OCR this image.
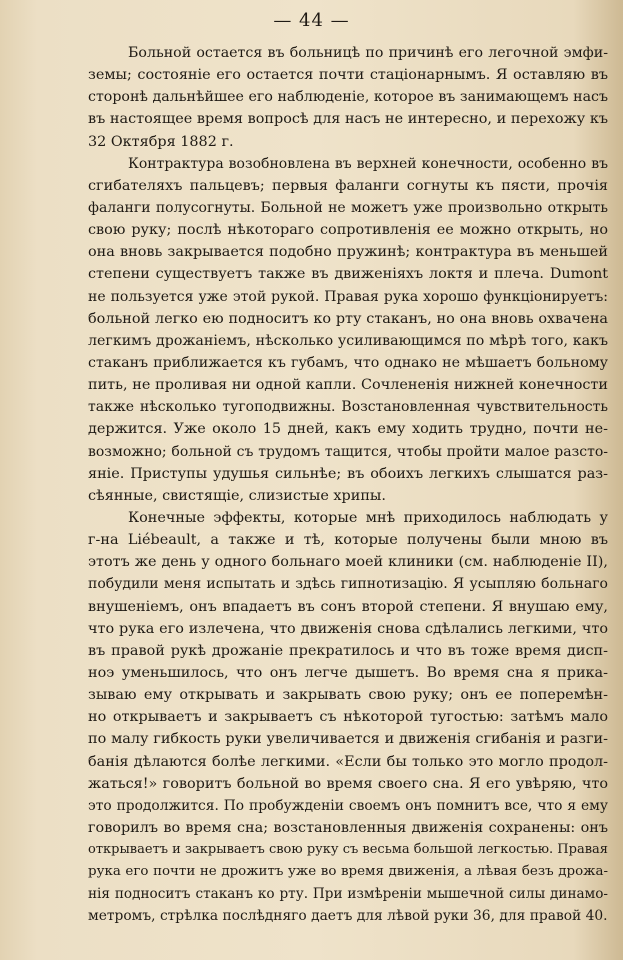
— 44 —
Больной остается въ больницѣ по причинѣ его легочной эмфи-
земы; состояніе его остается почти стаціонарнымъ. Я оставляю въ
сторонѣ дальнѣйшее его наблюденіе, которое въ занимающемъ насъ
въ настоящее время вопросѣ для насъ не интересно, и перехожу къ
32 Октября 1882 г.
Контрактура возобновлена въ верхней конечности, особенно въ
сгибателяхъ пальцевъ; первыя фаланги согнуты къ пясти, прочія
фаланги полусогнуты. Больной не можетъ уже произвольно открыть
свою руку; послѣ нѣкотораго сопротивленія ее можно открыть, но
она вновь закрывается подобно пружинѣ; контрактура въ меньшей
степени существуетъ также въ движеніяхъ локтя и плеча. Dumont
не пользуется уже этой рукой. Правая рука хорошо функціонируетъ:
больной легко ею подноситъ ко рту стаканъ, но она вновь охвачена
легкимъ дрожаніемъ, нѣсколько усиливающимся по мѣрѣ того, какъ
стаканъ приближается къ губамъ, что однако не мѣшаетъ больному
пить, не проливая ни одной капли. Сочлененія нижней конечности
также нѣсколько тугоподвижны. Возстановленная чувствительность
держится. Уже около 15 дней, какъ ему ходить трудно, почти не-
возможно; больной съ трудомъ тащится, чтобы пройти малое разсто-
яніе. Приступы удушья сильнѣе; въ обоихъ легкихъ слышатся раз-
сѣянные, свистящіе, слизистые хрипы.
Конечные эффекты, которые мнѣ приходилось наблюдать у
г-на Liébeault, а также и тѣ, которые получены были мною въ
этотъ же день у одного больнаго моей клиники (см. наблюденіе II),
побудили меня испытать и здѣсь гипнотизацію. Я усыпляю больнаго
внушеніемъ, онъ впадаетъ въ сонъ второй степени. Я внушаю ему,
что рука его излечена, что движенія снова сдѣлались легкими, что
въ правой рукѣ дрожаніе прекратилось и что въ тоже время дисп-
ноэ уменьшилось, что онъ легче дышетъ. Во время сна я прика-
зываю ему открывать и закрывать свою руку; онъ ее поперемѣн-
но открываетъ и закрываетъ съ нѣкоторой тугостью: затѣмъ мало
по малу гибкость руки увеличивается и движенія сгибанія и разги-
банія дѣлаются болѣе легкими. «Если бы только это могло продол-
жаться!» говоритъ больной во время своего сна. Я его увѣряю, что
это продолжится. По пробужденіи своемъ онъ помнитъ все, что я ему
говорилъ во время сна; возстановленныя движенія сохранены: онъ
открываетъ и закрываетъ свою руку съ весьма большой легкостью. Правая
рука его почти не дрожитъ уже во время движенія, а лѣвая безъ дрожа-
нія подноситъ стаканъ ко рту. При измѣреніи мышечной силы динамо-
метромъ, стрѣлка послѣдняго даетъ для лѣвой руки 36, для правой 40.
